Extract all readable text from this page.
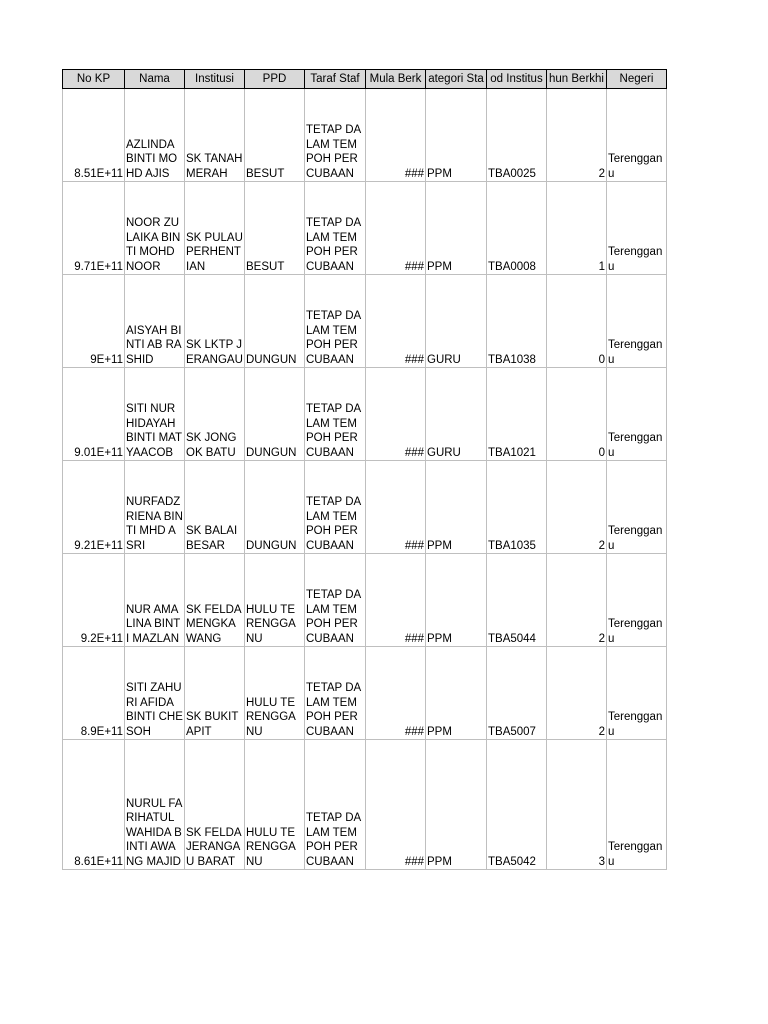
No KP	Nama	Institusi	PPD	Taraf Staf	Mula Berk	ategori Sta	od Institus	hun Berkhi	Negeri
8.51E+11	AZLINDA BINTI MOHD AJIS	SK TANAH MERAH	BESUT	TETAP DALAM TEMPOH PERCUBAAN	###	PPM	TBA0025	2	Terengganu
9.71E+11	NOOR ZULAIKA BINTI MOHD NOOR	SK PULAU PERHENTIAN	BESUT	TETAP DALAM TEMPOH PERCUBAAN	###	PPM	TBA0008	1	Terengganu
9E+11	AISYAH BINTI AB RASHID	SK LKTP JERANGAU	DUNGUN	TETAP DALAM TEMPOH PERCUBAAN	###	GURU	TBA1038	0	Terengganu
9.01E+11	SITI NUR HIDAYAH BINTI MAT YAACOB	SK JONGOK BATU	DUNGUN	TETAP DALAM TEMPOH PERCUBAAN	###	GURU	TBA1021	0	Terengganu
9.21E+11	NURFADZRIENA BINTI MHD ASRI	SK BALAI BESAR	DUNGUN	TETAP DALAM TEMPOH PERCUBAAN	###	PPM	TBA1035	2	Terengganu
9.2E+11	NUR AMALINA BINTI MAZLAN	SK FELDA MENGKAWANG	HULU TERENGGANU	TETAP DALAM TEMPOH PERCUBAAN	###	PPM	TBA5044	2	Terengganu
8.9E+11	SITI ZAHURI AFIDA BINTI CHE SOH	SK BUKIT APIT	HULU TERENGGANU	TETAP DALAM TEMPOH PERCUBAAN	###	PPM	TBA5007	2	Terengganu
8.61E+11	NURUL FARIHATUL WAHIDA BINTI AWANG MAJID	SK FELDA JERANGAU BARAT	HULU TERENGGANU	TETAP DALAM TEMPOH PERCUBAAN	###	PPM	TBA5042	3	Terengganu
